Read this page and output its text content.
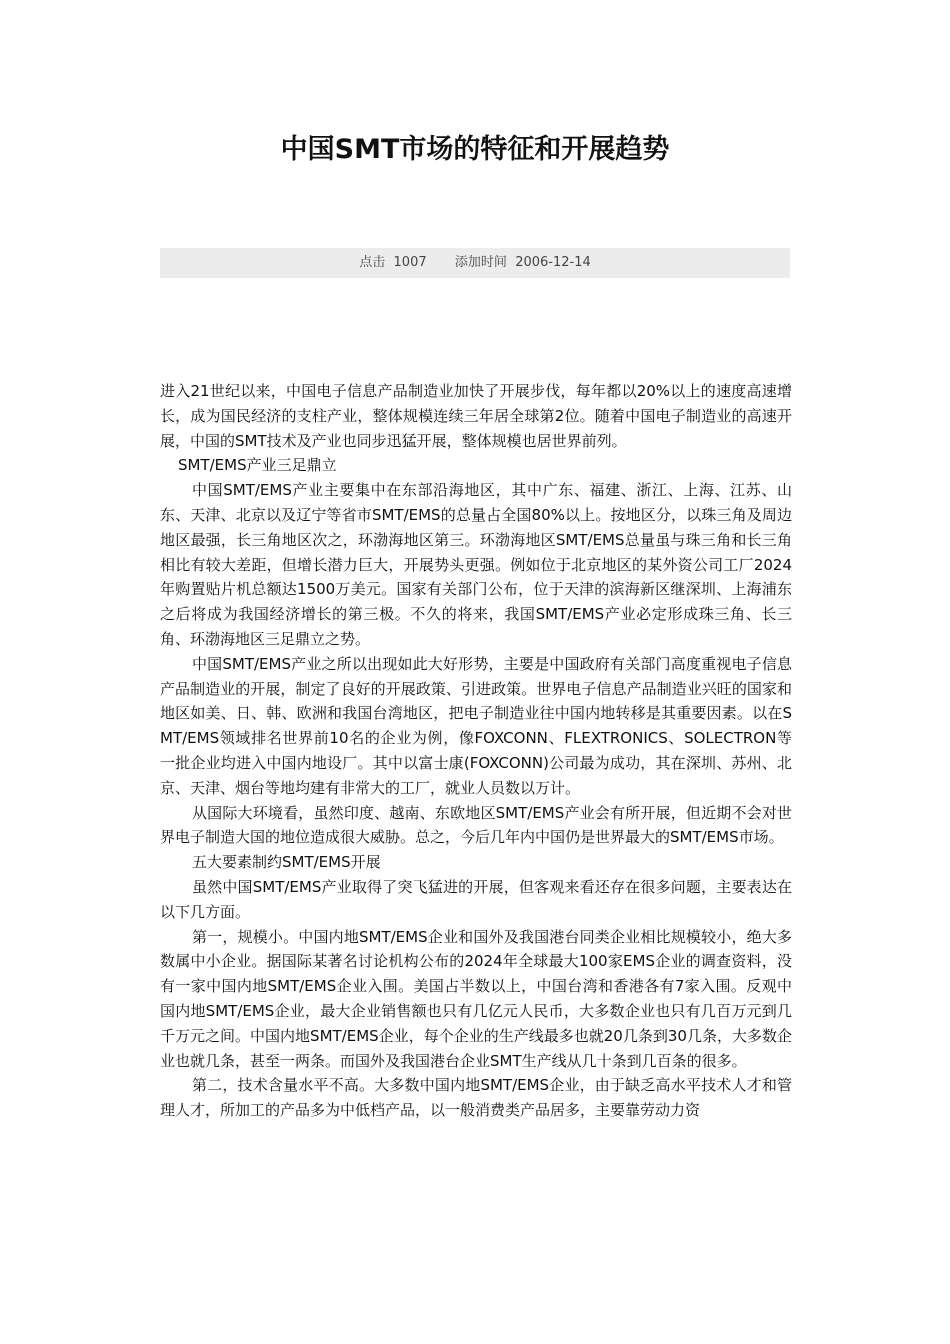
中国SMT市场的特征和开展趋势
点击 1007 添加时间 2006-12-14

进入21世纪以来，中国电子信息产品制造业加快了开展步伐，每年都以20%以上的速度高速增长，成为国民经济的支柱产业，整体规模连续三年居全球第2位。随着中国电子制造业的高速开展，中国的SMT技术及产业也同步迅猛开展，整体规模也居世界前列。

SMT/EMS产业三足鼎立

中国SMT/EMS产业主要集中在东部沿海地区，其中广东、福建、浙江、上海、江苏、山东、天津、北京以及辽宁等省市SMT/EMS的总量占全国80%以上。按地区分，以珠三角及周边地区最强，长三角地区次之，环渤海地区第三。环渤海地区SMT/EMS总量虽与珠三角和长三角相比有较大差距，但增长潜力巨大，开展势头更强。例如位于北京地区的某外资公司工厂2024年购置贴片机总额达1500万美元。国家有关部门公布，位于天津的滨海新区继深圳、上海浦东之后将成为我国经济增长的第三极。不久的将来，我国SMT/EMS产业必定形成珠三角、长三角、环渤海地区三足鼎立之势。

中国SMT/EMS产业之所以出现如此大好形势，主要是中国政府有关部门高度重视电子信息产品制造业的开展，制定了良好的开展政策、引进政策。世界电子信息产品制造业兴旺的国家和地区如美、日、韩、欧洲和我国台湾地区，把电子制造业往中国内地转移是其重要因素。以在SMT/EMS领域排名世界前10名的企业为例，像FOXCONN、FLEXTRONICS、SOLECTRON等一批企业均进入中国内地设厂。其中以富士康(FOXCONN)公司最为成功，其在深圳、苏州、北京、天津、烟台等地均建有非常大的工厂，就业人员数以万计。

从国际大环境看，虽然印度、越南、东欧地区SMT/EMS产业会有所开展，但近期不会对世界电子制造大国的地位造成很大威胁。总之，今后几年内中国仍是世界最大的SMT/EMS市场。

五大要素制约SMT/EMS开展

虽然中国SMT/EMS产业取得了突飞猛进的开展，但客观来看还存在很多问题，主要表达在以下几方面。

第一，规模小。中国内地SMT/EMS企业和国外及我国港台同类企业相比规模较小，绝大多数属中小企业。据国际某著名讨论机构公布的2024年全球最大100家EMS企业的调查资料，没有一家中国内地SMT/EMS企业入围。美国占半数以上，中国台湾和香港各有7家入围。反观中国内地SMT/EMS企业，最大企业销售额也只有几亿元人民币，大多数企业也只有几百万元到几千万元之间。中国内地SMT/EMS企业，每个企业的生产线最多也就20几条到30几条，大多数企业也就几条，甚至一两条。而国外及我国港台企业SMT生产线从几十条到几百条的很多。

第二，技术含量水平不高。大多数中国内地SMT/EMS企业，由于缺乏高水平技术人才和管理人才，所加工的产品多为中低档产品，以一般消费类产品居多，主要靠劳动力资
